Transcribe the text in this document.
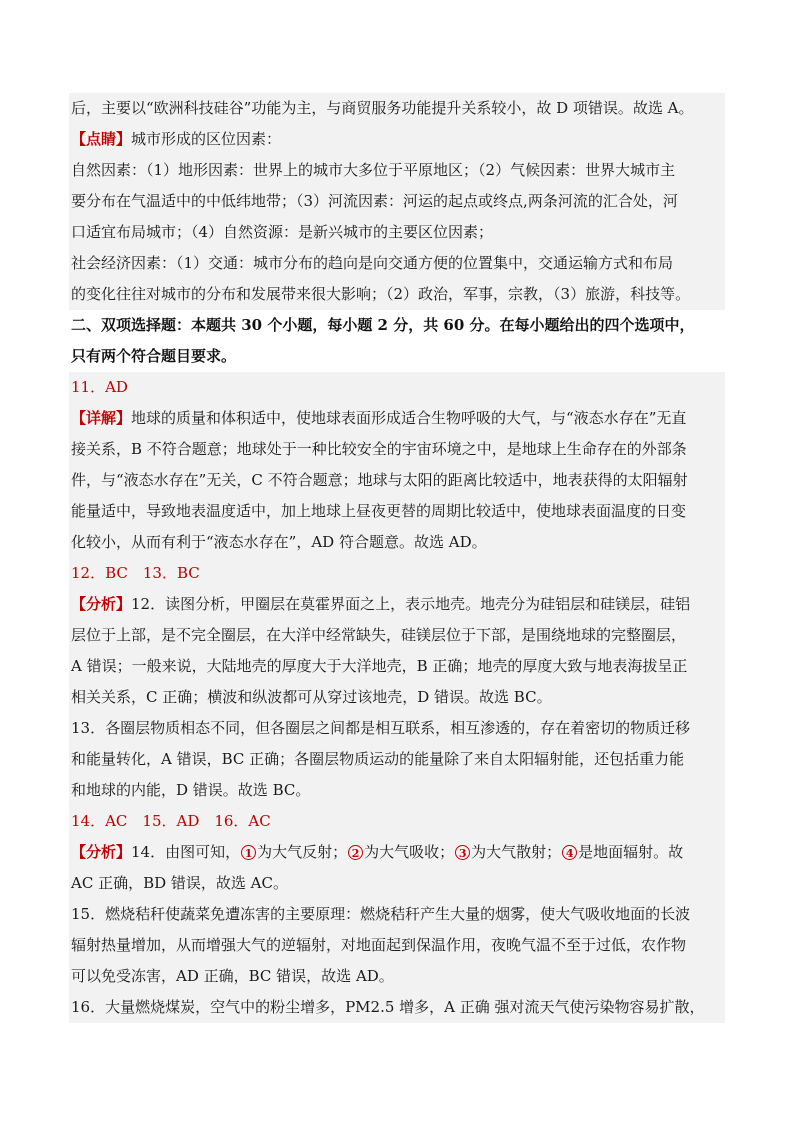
后，主要以“欧洲科技硅谷”功能为主，与商贸服务功能提升关系较小，故 D 项错误。故选 A。
【点睛】城市形成的区位因素：
自然因素：（1）地形因素：世界上的城市大多位于平原地区；（2）气候因素：世界大城市主
要分布在气温适中的中低纬地带；（3）河流因素：河运的起点或终点,两条河流的汇合处，河
口适宜布局城市；（4）自然资源：是新兴城市的主要区位因素；
社会经济因素：（1）交通：城市分布的趋向是向交通方便的位置集中，交通运输方式和布局
的变化往往对城市的分布和发展带来很大影响；（2）政治，军事，宗教，（3）旅游，科技等。
二、双项选择题：本题共 30 个小题，每小题 2 分，共 60 分。在每小题给出的四个选项中，
只有两个符合题目要求。
11．AD
【详解】地球的质量和体积适中，使地球表面形成适合生物呼吸的大气，与“液态水存在”无直
接关系，B 不符合题意；地球处于一种比较安全的宇宙环境之中，是地球上生命存在的外部条
件，与“液态水存在”无关，C 不符合题意；地球与太阳的距离比较适中，地表获得的太阳辐射
能量适中，导致地表温度适中，加上地球上昼夜更替的周期比较适中，使地球表面温度的日变
化较小，从而有利于“液态水存在”，AD 符合题意。故选 AD。
12．BC　13．BC
【分析】12．读图分析，甲圈层在莫霍界面之上，表示地壳。地壳分为硅铝层和硅镁层，硅铝
层位于上部，是不完全圈层，在大洋中经常缺失，硅镁层位于下部，是围绕地球的完整圈层，
A 错误；一般来说，大陆地壳的厚度大于大洋地壳，B 正确；地壳的厚度大致与地表海拔呈正
相关关系，C 正确；横波和纵波都可从穿过该地壳，D 错误。故选 BC。
13．各圈层物质相态不同，但各圈层之间都是相互联系，相互渗透的，存在着密切的物质迁移
和能量转化，A 错误，BC 正确；各圈层物质运动的能量除了来自太阳辐射能，还包括重力能
和地球的内能，D 错误。故选 BC。
14．AC　15．AD　16．AC
【分析】14．由图可知， 1 为大气反射； 2 为大气吸收； 3 为大气散射； 4 是地面辐射。故
AC 正确，BD 错误，故选 AC。
15．燃烧秸秆使蔬菜免遭冻害的主要原理：燃烧秸秆产生大量的烟雾，使大气吸收地面的长波
辐射热量增加，从而增强大气的逆辐射，对地面起到保温作用，夜晚气温不至于过低，农作物
可以免受冻害，AD 正确，BC 错误，故选 AD。
16．大量燃烧煤炭，空气中的粉尘增多，PM2.5 增多，A 正确 强对流天气使污染物容易扩散，
